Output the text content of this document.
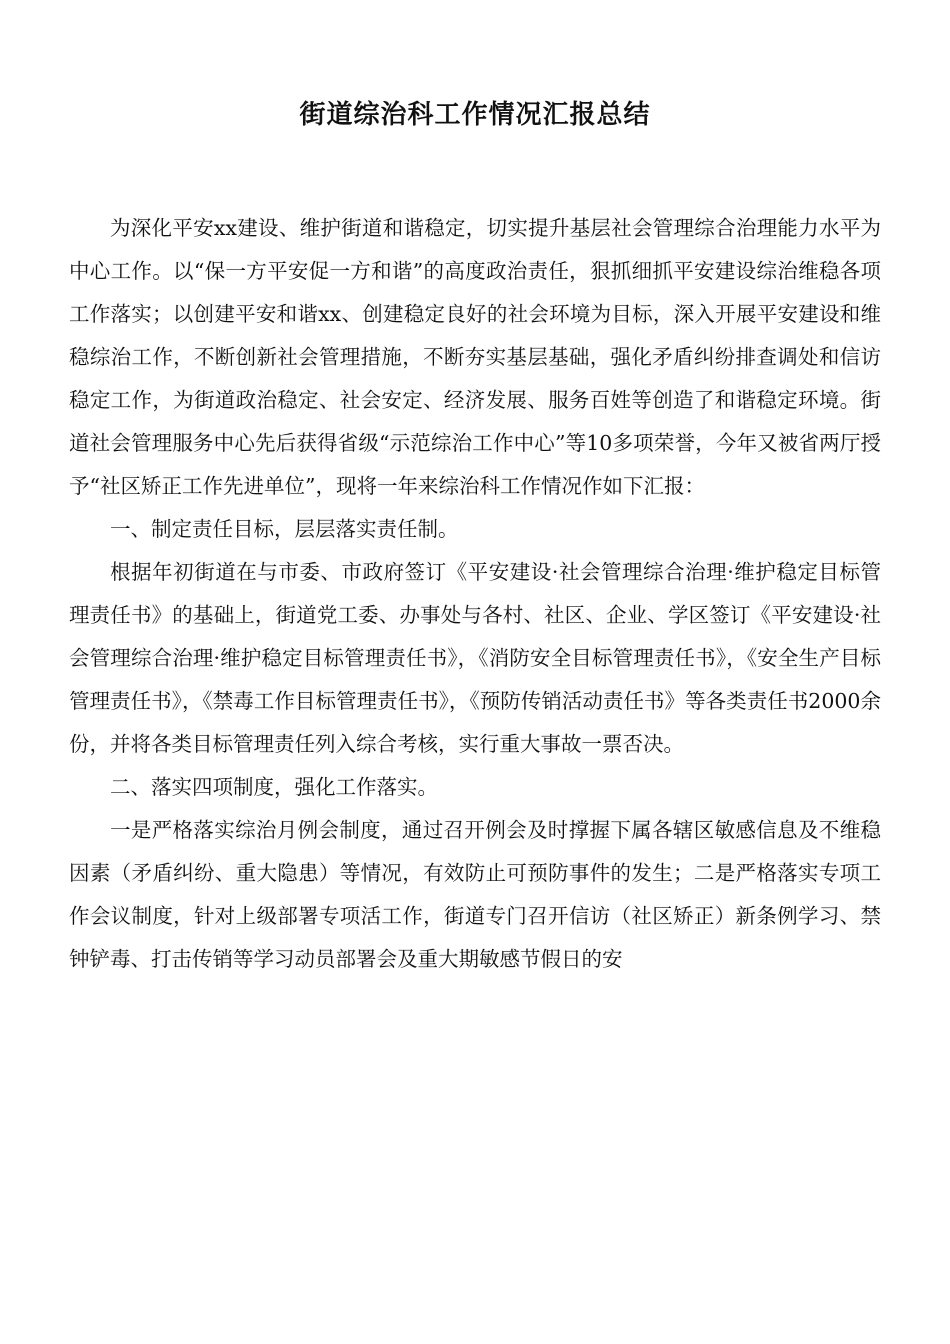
街道综治科工作情况汇报总结

为深化平安xx建设、维护街道和谐稳定，切实提升基层社会管理综合治理能力水平为中心工作。以“保一方平安促一方和谐”的高度政治责任，狠抓细抓平安建设综治维稳各项工作落实；以创建平安和谐xx、创建稳定良好的社会环境为目标，深入开展平安建设和维稳综治工作，不断创新社会管理措施，不断夯实基层基础，强化矛盾纠纷排查调处和信访稳定工作，为街道政治稳定、社会安定、经济发展、服务百姓等创造了和谐稳定环境。街道社会管理服务中心先后获得省级“示范综治工作中心”等10多项荣誉，今年又被省两厅授予“社区矫正工作先进单位”，现将一年来综治科工作情况作如下汇报：

一、制定责任目标，层层落实责任制。

根据年初街道在与市委、市政府签订《平安建设·社会管理综合治理·维护稳定目标管理责任书》的基础上，街道党工委、办事处与各村、社区、企业、学区签订《平安建设·社会管理综合治理·维护稳定目标管理责任书》，《消防安全目标管理责任书》，《安全生产目标管理责任书》，《禁毒工作目标管理责任书》，《预防传销活动责任书》等各类责任书2000余份，并将各类目标管理责任列入综合考核，实行重大事故一票否决。

二、落实四项制度，强化工作落实。

一是严格落实综治月例会制度，通过召开例会及时撑握下属各辖区敏感信息及不维稳因素（矛盾纠纷、重大隐患）等情况，有效防止可预防事件的发生；二是严格落实专项工作会议制度，针对上级部署专项活工作，街道专门召开信访（社区矫正）新条例学习、禁钟铲毒、打击传销等学习动员部署会及重大期敏感节假日的安
